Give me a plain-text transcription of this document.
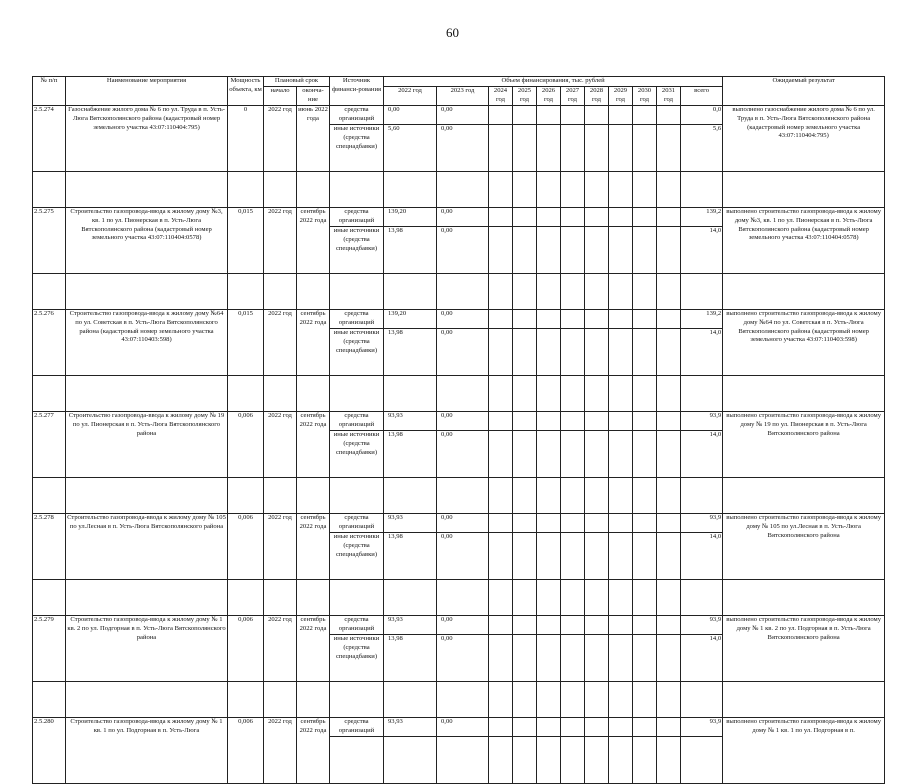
60
№ п/п	Наименование мероприятия	Мощность объекта, км	Плановый срок		Источник финанси-рования	Объем финансирования, тыс. рублей											Ожидаемый результат
			начало	оконча-ние		2022 год	2023 год	2024 год	2025 год	2026 год	2027 год	2028 год	2029 год	2030 год	2031 год	всего	
2.5.274	Газоснабжение жилого дома № 6 по ул. Труда в п. Усть-Люга Вятскополянского района (кадастровый номер земельного участка 43:07:110404:795)	0	2022 год	июнь 2022 года	средства организаций	0,00	0,00									0,0	выполнено газоснабжение жилого дома № 6 по ул. Труда в п. Усть-Люга Вятскополянского района (кадастровый номер земельного участка 43:07:110404:795)
					иные источники (средства спецнадбавки)	5,60	0,00									5,6	

2.5.275	Строительство газопровода-ввода к жилому дому №3, кв. 1 по ул. Пионерская в п. Усть-Люга Вятскополянского района (кадастровый номер земельного участка 43:07:110404:0578)	0,015	2022 год	сентябрь 2022 года	средства организаций	139,20	0,00									139,2	выполнено строительство газопровода-ввода к жилому дому №3, кв. 1 по ул. Пионерская в п. Усть-Люга Вятскополянского района (кадастровый номер земельного участка 43:07:110404:0578)
					иные источники (средства спецнадбавки)	13,98	0,00									14,0	

2.5.276	Строительство газопровода-ввода к жилому дому №64 по ул. Советская в п. Усть-Люга Вятскополянского района (кадастровый номер земельного участка 43:07:110403:598)	0,015	2022 год	сентябрь 2022 года	средства организаций	139,20	0,00									139,2	выполнено строительство газопровода-ввода к жилому дому №64 по ул. Советская в п. Усть-Люга Вятскополянского района (кадастровый номер земельного участка 43:07:110403:598)
					иные источники (средства спецнадбавки)	13,98	0,00									14,0	

2.5.277	Строительство газопровода-ввода к жилому дому № 19 по ул. Пионерская в п. Усть-Люга Вятскополянского района	0,006	2022 год	сентябрь 2022 года	средства организаций	93,93	0,00									93,9	выполнено строительство газопровода-ввода к жилому дому № 19 по ул. Пионерская в п. Усть-Люга Вятскополянского района
					иные источники (средства спецнадбавки)	13,98	0,00									14,0	

2.5.278	Строительство газопровода-ввода к жилому дому № 105 по ул.Лесная в п. Усть-Люга Вятскополянского района	0,006	2022 год	сентябрь 2022 года	средства организаций	93,93	0,00									93,9	выполнено строительство газопровода-ввода к жилому дому № 105 по ул.Лесная в п. Усть-Люга Вятскополянского района
					иные источники (средства спецнадбавки)	13,98	0,00									14,0	

2.5.279	Строительство газопровода-ввода к жилому дому № 1 кв. 2 по ул. Подгорная в п. Усть-Люга Вятскополянского района	0,006	2022 год	сентябрь 2022 года	средства организаций	93,93	0,00									93,9	выполнено строительство газопровода-ввода к жилому дому № 1 кв. 2 по ул. Подгорная в п. Усть-Люга Вятскополянского района
					иные источники (средства спецнадбавки)	13,98	0,00									14,0	

2.5.280	Строительство газопровода-ввода к жилому дому № 1 кв. 1 по ул. Подгорная в п. Усть-Люга	0,006	2022 год	сентябрь 2022 года	средства организаций	93,93	0,00									93,9	выполнено строительство газопровода-ввода к жилому дому № 1 кв. 1 по ул. Подгорная в п.
